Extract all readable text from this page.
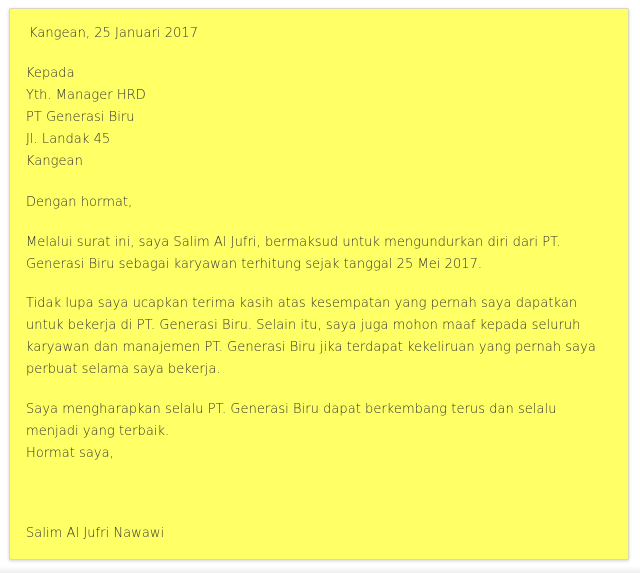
Kangean, 25 Januari 2017

Kepada

Yth. Manager HRD

PT Generasi Biru

Jl. Landak 45

Kangean

Dengan hormat,

Melalui surat ini, saya Salim Al Jufri, bermaksud untuk mengundurkan diri dari PT.

Generasi Biru sebagai karyawan terhitung sejak tanggal 25 Mei 2017.

Tidak lupa saya ucapkan terima kasih atas kesempatan yang pernah saya dapatkan

untuk bekerja di PT. Generasi Biru. Selain itu, saya juga mohon maaf kepada seluruh

karyawan dan manajemen PT. Generasi Biru jika terdapat kekeliruan yang pernah saya

perbuat selama saya bekerja.

Saya mengharapkan selalu PT. Generasi Biru dapat berkembang terus dan selalu

menjadi yang terbaik.

Hormat saya,

Salim Al Jufri Nawawi
